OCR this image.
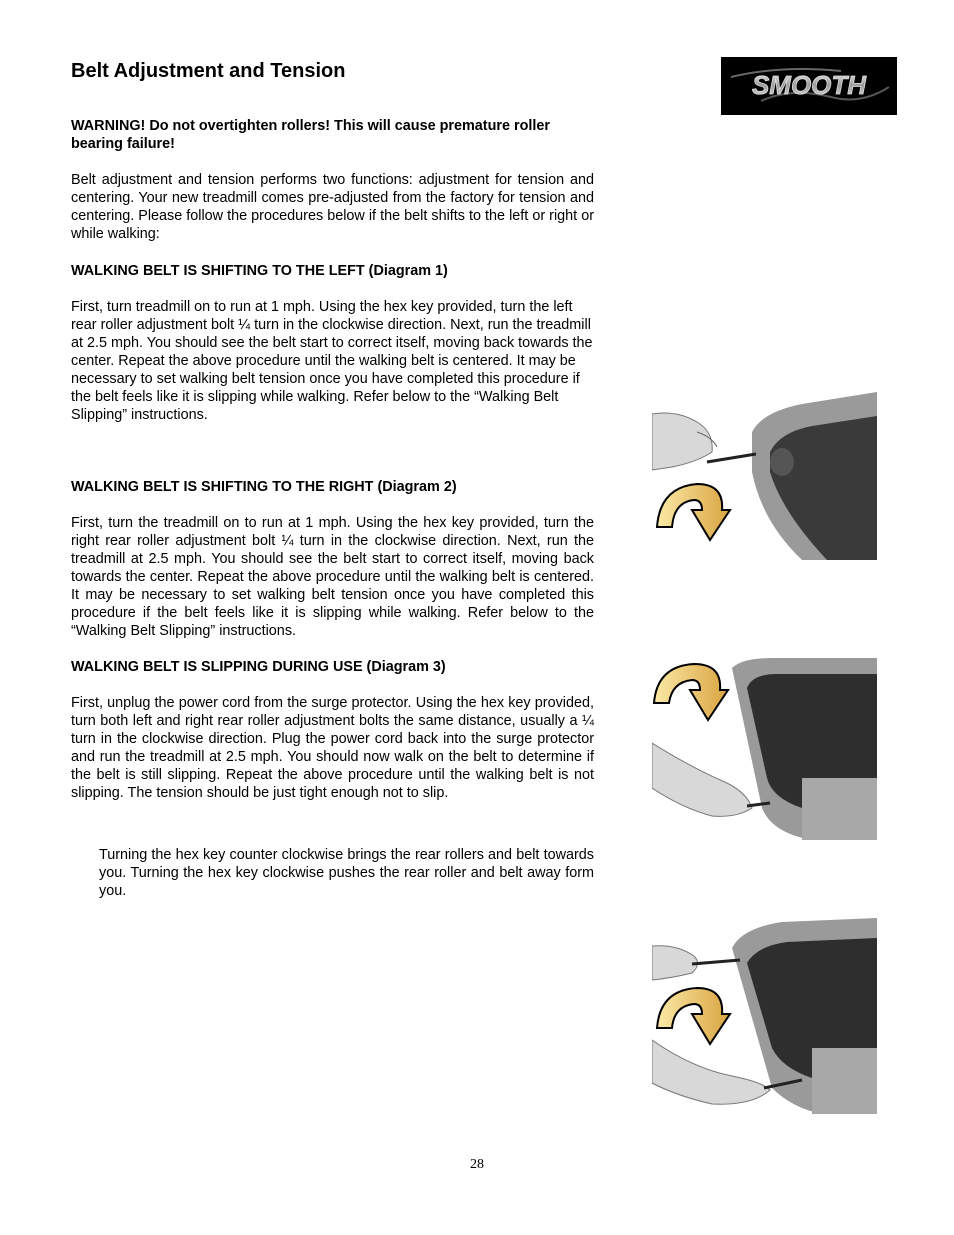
Belt Adjustment and Tension	SMOOTH

WARNING! Do not overtighten rollers! This will cause premature roller bearing failure!

Belt adjustment and tension performs two functions: adjustment for tension and centering. Your new treadmill comes pre-adjusted from the factory for tension and centering. Please follow the procedures below if the belt shifts to the left or right or while walking:

WALKING BELT IS SHIFTING TO THE LEFT (Diagram 1)

First, turn treadmill on to run at 1 mph. Using the hex key provided, turn the left rear roller adjustment bolt ¼ turn in the clockwise direction. Next, run the treadmill at 2.5 mph. You should see the belt start to correct itself, moving back towards the center. Repeat the above procedure until the walking belt is centered. It may be necessary to set walking belt tension once you have completed this procedure if the belt feels like it is slipping while walking. Refer below to the “Walking Belt Slipping” instructions.

WALKING BELT IS SHIFTING TO THE RIGHT (Diagram 2)

First, turn the treadmill on to run at 1 mph. Using the hex key provided, turn the right rear roller adjustment bolt ¼ turn in the clockwise direction. Next, run the treadmill at 2.5 mph. You should see the belt start to correct itself, moving back towards the center. Repeat the above procedure until the walking belt is centered. It may be necessary to set walking belt tension once you have completed this procedure if the belt feels like it is slipping while walking. Refer below to the “Walking Belt Slipping” instructions.

WALKING BELT IS SLIPPING DURING USE (Diagram 3)

First, unplug the power cord from the surge protector. Using the hex key provided, turn both left and right rear roller adjustment bolts the same distance, usually a ¼ turn in the clockwise direction. Plug the power cord back into the surge protector and run the treadmill at 2.5 mph. You should now walk on the belt to determine if the belt is still slipping. Repeat the above procedure until the walking belt is not slipping. The tension should be just tight enough not to slip.

Turning the hex key counter clockwise brings the rear rollers and belt towards you. Turning the hex key clockwise pushes the rear roller and belt away form you.

28
